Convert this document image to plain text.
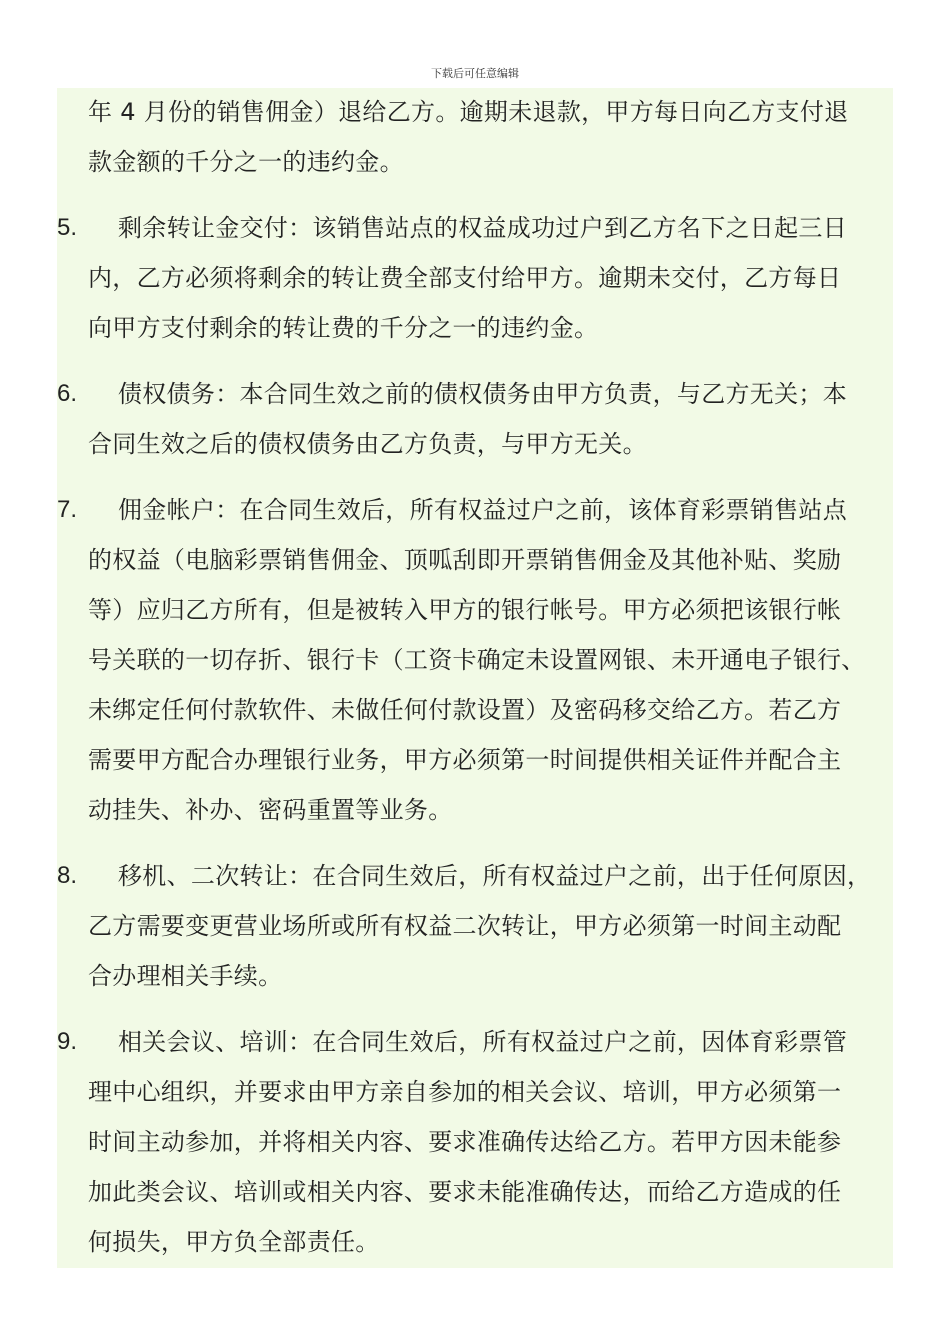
下载后可任意编辑
年 4 月份的销售佣金）退给乙方。逾期未退款，甲方每日向乙方支付退
款金额的千分之一的违约金。
5. 剩余转让金交付：该销售站点的权益成功过户到乙方名下之日起三日
内，乙方必须将剩余的转让费全部支付给甲方。逾期未交付，乙方每日
向甲方支付剩余的转让费的千分之一的违约金。
6. 债权债务：本合同生效之前的债权债务由甲方负责，与乙方无关；本
合同生效之后的债权债务由乙方负责，与甲方无关。
7. 佣金帐户：在合同生效后，所有权益过户之前，该体育彩票销售站点
的权益（电脑彩票销售佣金、顶呱刮即开票销售佣金及其他补贴、奖励
等）应归乙方所有，但是被转入甲方的银行帐号。甲方必须把该银行帐
号关联的一切存折、银行卡（工资卡确定未设置网银、未开通电子银行、
未绑定任何付款软件、未做任何付款设置）及密码移交给乙方。若乙方
需要甲方配合办理银行业务，甲方必须第一时间提供相关证件并配合主
动挂失、补办、密码重置等业务。
8. 移机、二次转让：在合同生效后，所有权益过户之前，出于任何原因，
乙方需要变更营业场所或所有权益二次转让，甲方必须第一时间主动配
合办理相关手续。
9. 相关会议、培训：在合同生效后，所有权益过户之前，因体育彩票管
理中心组织，并要求由甲方亲自参加的相关会议、培训，甲方必须第一
时间主动参加，并将相关内容、要求准确传达给乙方。若甲方因未能参
加此类会议、培训或相关内容、要求未能准确传达，而给乙方造成的任
何损失，甲方负全部责任。
